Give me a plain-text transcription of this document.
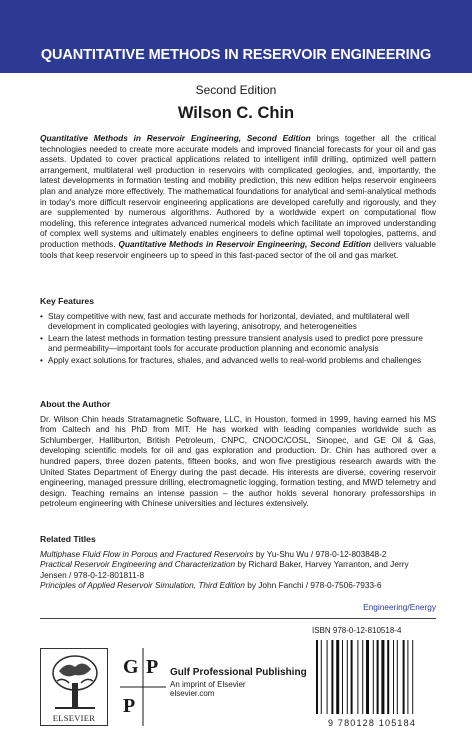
QUANTITATIVE METHODS IN RESERVOIR ENGINEERING
Second Edition
Wilson C. Chin
Quantitative Methods in Reservoir Engineering, Second Edition brings together all the critical technologies needed to create more accurate models and improved financial forecasts for your oil and gas assets. Updated to cover practical applications related to intelligent infill drilling, optimized well pattern arrangement, multilateral well production in reservoirs with complicated geologies, and, importantly, the latest developments in formation testing and mobility prediction, this new edition helps reservoir engineers plan and analyze more effectively. The mathematical foundations for analytical and semi-analytical methods in today's more difficult reservoir engineering applications are developed carefully and rigorously, and they are supplemented by numerous algorithms. Authored by a worldwide expert on computational flow modeling, this reference integrates advanced numerical models which facilitate an improved understanding of complex well systems and ultimately enables engineers to define optimal well topologies, patterns, and production methods. Quantitative Methods in Reservoir Engineering, Second Edition delivers valuable tools that keep reservoir engineers up to speed in this fast-paced sector of the oil and gas market.
Key Features
• Stay competitive with new, fast and accurate methods for horizontal, deviated, and multilateral well development in complicated geologies with layering, anisotropy, and heterogeneities
• Learn the latest methods in formation testing pressure transient analysis used to predict pore pressure and permeability—important tools for accurate production planning and economic analysis
• Apply exact solutions for fractures, shales, and advanced wells to real-world problems and challenges
About the Author

Dr. Wilson Chin heads Stratamagnetic Software, LLC, in Houston, formed in 1999, having earned his MS from Caltech and his PhD from MIT. He has worked with leading companies worldwide such as Schlumberger, Halliburton, British Petroleum, CNPC, CNOOC/COSL, Sinopec, and GE Oil & Gas, developing scientific models for oil and gas exploration and production. Dr. Chin has authored over a hundred papers, three dozen patents, fifteen books, and won five prestigious research awards with the United States Department of Energy during the past decade. His interests are diverse, covering reservoir engineering, managed pressure drilling, electromagnetic logging, formation testing, and MWD telemetry and design. Teaching remains an intense passion – the author holds several honorary professorships in petroleum engineering with Chinese universities and lectures extensively.

Related Titles
Multiphase Fluid Flow in Porous and Fractured Reservoirs by Yu-Shu Wu / 978-0-12-803848-2
Practical Reservoir Engineering and Characterization by Richard Baker, Harvey Yarranton, and Jerry Jensen / 978-0-12-801811-8
Principles of Applied Reservoir Simulation, Third Edition by John Fanchi / 978-0-7506-7933-6
Engineering/Energy
ELSEVIER
G P
P
Gulf Professional Publishing
An imprint of Elsevier
elsevier.com
ISBN 978-0-12-810518-4
9 780128 105184
